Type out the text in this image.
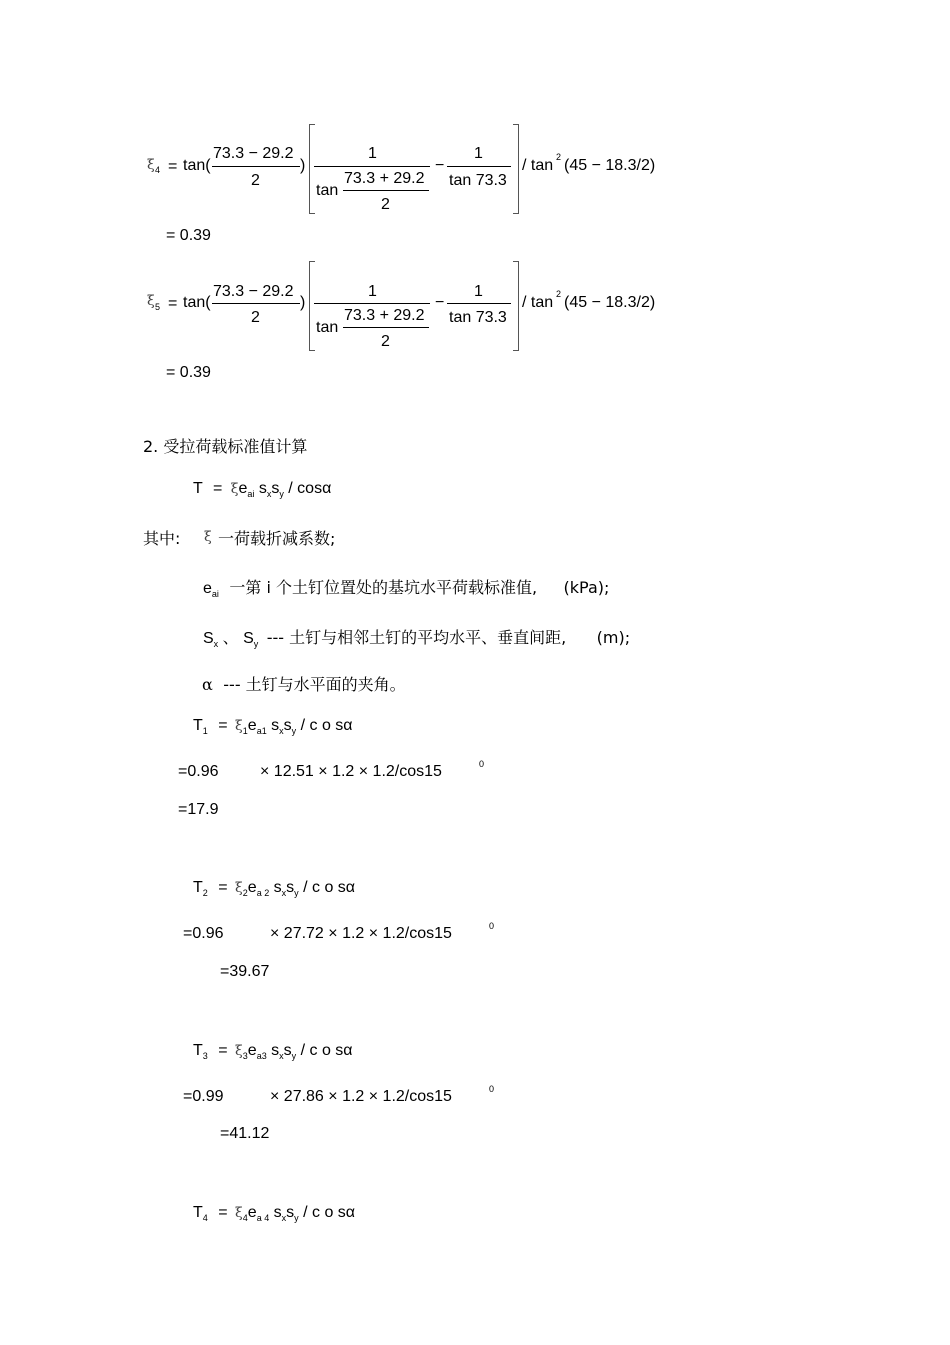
ξ 4 = tan(
73.3 − 29.2
2
)
1
tan
73.3 + 29.2
2
−
1
tan 73.3
/ tan 2 (45 − 18.3/2)
= 0.39
ξ 5 = tan(
73.3 − 29.2
2
)
1
tan
73.3 + 29.2
2
−
1
tan 73.3
/ tan 2 (45 − 18.3/2)
= 0.39
2. 受拉荷载标准值计算
$T = \xi e_{ai}$ $s_xs_y$ / cosα
其中: ξ 一荷载折减系数;
$e_{ai}$ 一第 i 个土钉位置处的基坑水平荷载标准值, (kPa);
$S_x$ 、 $S_y$ --- 土钉与相邻土钉的平均水平、垂直间距, (m);
α --- 土钉与水平面的夹角。
$T_1 = \xi_1e_{a1}$ $s_xs_y$ / c o sα
=0.96	× 12.51 × 1.2 × 1.2/cos15	0
=17.9
$T_2 = \xi_2e_{a 2}$ $s_xs_y$ / c o sα
=0.96	× 27.72 × 1.2 × 1.2/cos15	0
=39.67
$T_3 = \xi_3e_{a3}$ $s_xs_y$ / c o sα
=0.99	× 27.86 × 1.2 × 1.2/cos15	0
=41.12
$T_4 = \xi_4e_{a 4}$ $s_xs_y$ / c o sα
